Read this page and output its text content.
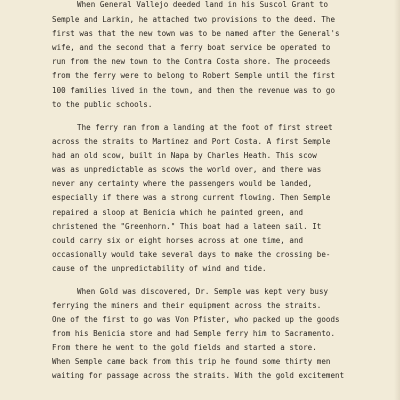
When General Vallejo deeded land in his Suscol Grant to
Semple and Larkin, he attached two provisions to the deed. The
first was that the new town was to be named after the General's
wife, and the second that a ferry boat service be operated to
run from the new town to the Contra Costa shore. The proceeds
from the ferry were to belong to Robert Semple until the first
100 families lived in the town, and then the revenue was to go
to the public schools.
The ferry ran from a landing at the foot of first street
across the straits to Martinez and Port Costa. A first Semple
had an old scow, built in Napa by Charles Heath. This scow
was as unpredictable as scows the world over, and there was
never any certainty where the passengers would be landed,
especially if there was a strong current flowing. Then Semple
repaired a sloop at Benicia which he painted green, and
christened the "Greenhorn." This boat had a lateen sail. It
could carry six or eight horses across at one time, and
occasionally would take several days to make the crossing be-
cause of the unpredictability of wind and tide.
When Gold was discovered, Dr. Semple was kept very busy
ferrying the miners and their equipment across the straits.
One of the first to go was Von Pfister, who packed up the goods
from his Benicia store and had Semple ferry him to Sacramento.
From there he went to the gold fields and started a store.
When Semple came back from this trip he found some thirty men
waiting for passage across the straits. With the gold excitement
